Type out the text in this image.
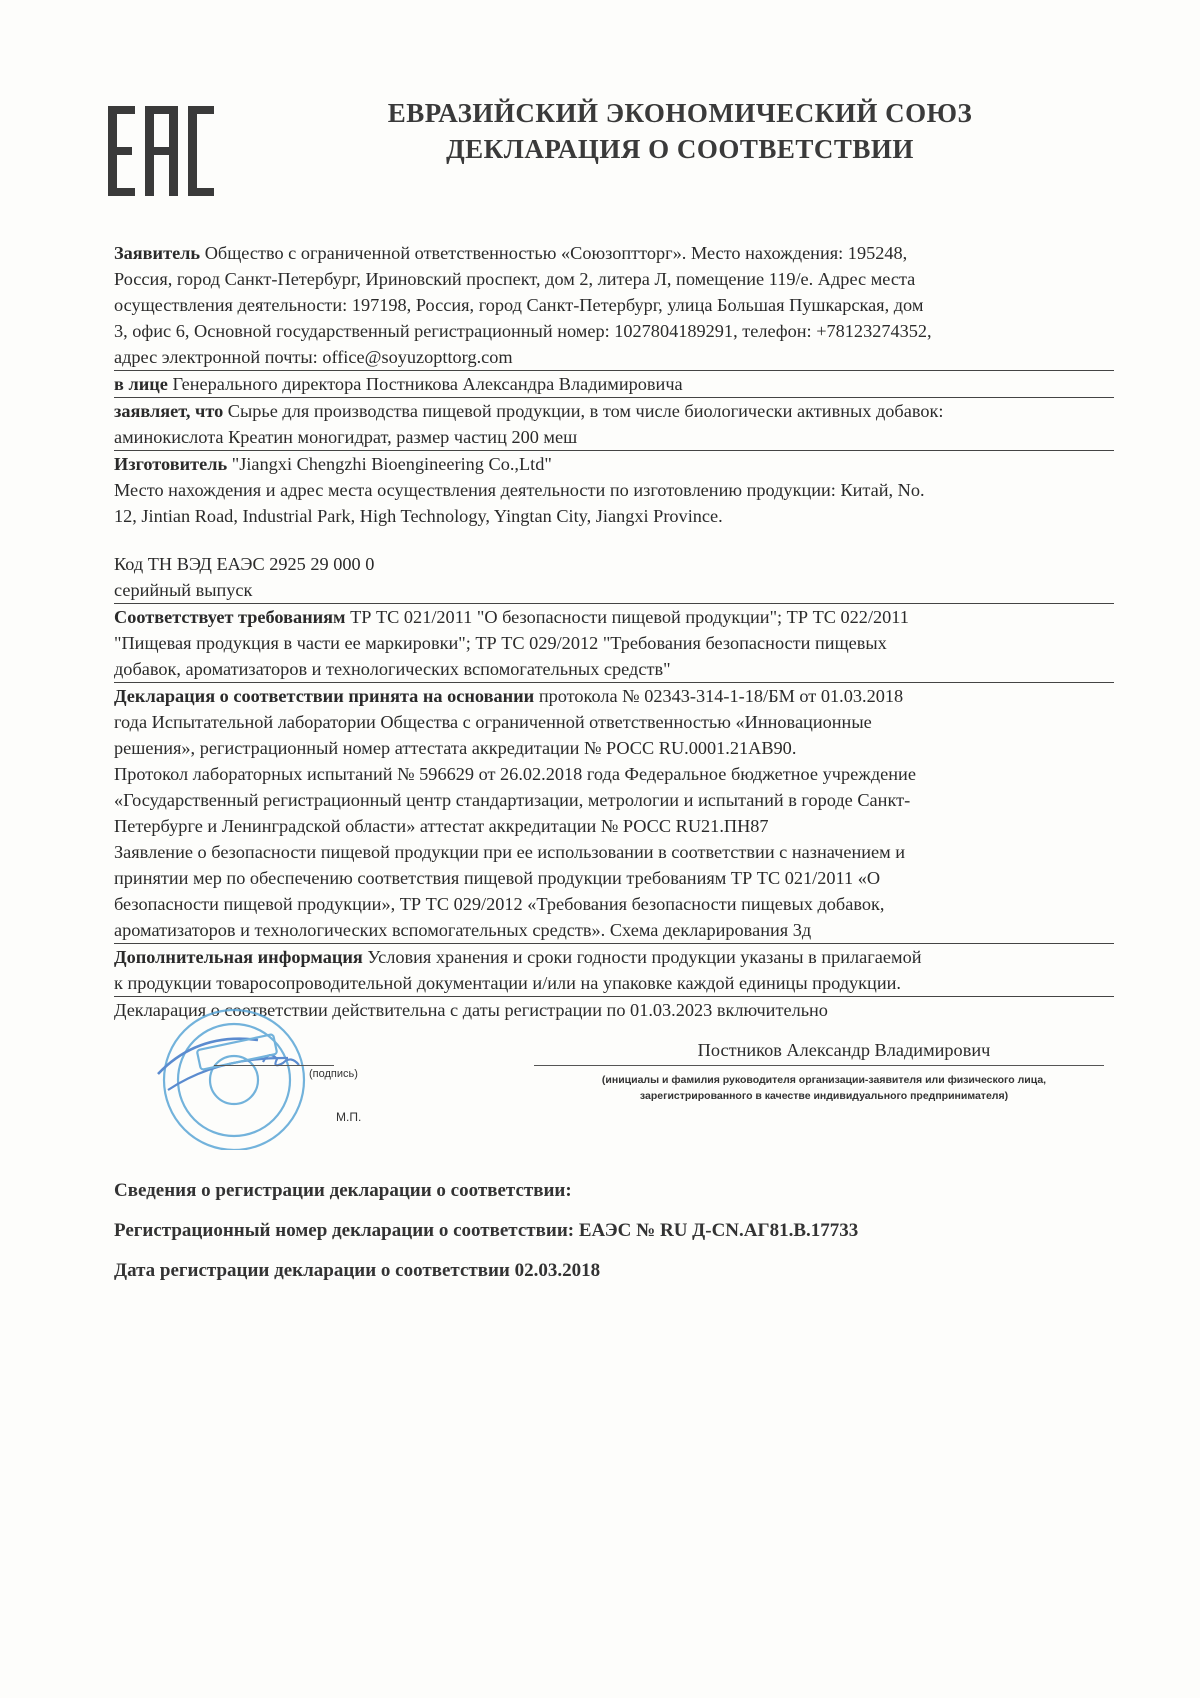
ЕВРАЗИЙСКИЙ ЭКОНОМИЧЕСКИЙ СОЮЗ
ДЕКЛАРАЦИЯ О СООТВЕТСТВИИ
Заявитель Общество с ограниченной ответственностью «Союзоптторг». Место нахождения: 195248,
Россия, город Санкт-Петербург, Ириновский проспект, дом 2, литера Л, помещение 119/е. Адрес места
осуществления деятельности: 197198, Россия, город Санкт-Петербург, улица Большая Пушкарская, дом
3, офис 6, Основной государственный регистрационный номер: 1027804189291, телефон: +78123274352,
адрес электронной почты: office@soyuzopttorg.com
в лице Генерального директора Постникова Александра Владимировича
заявляет, что Сырье для производства пищевой продукции, в том числе биологически активных добавок:
аминокислота Креатин моногидрат, размер частиц 200 меш
Изготовитель "Jiangxi Chengzhi Bioengineering Co.,Ltd"
Место нахождения и адрес места осуществления деятельности по изготовлению продукции: Китай, No.
12, Jintian Road, Industrial Park, High Technology, Yingtan City, Jiangxi Province.
Код ТН ВЭД ЕАЭС 2925 29 000 0
серийный выпуск
Соответствует требованиям ТР ТС 021/2011 "О безопасности пищевой продукции"; ТР ТС 022/2011
"Пищевая продукция в части ее маркировки"; ТР ТС 029/2012 "Требования безопасности пищевых
добавок, ароматизаторов и технологических вспомогательных средств"
Декларация о соответствии принята на основании протокола № 02343-314-1-18/БМ от 01.03.2018
года Испытательной лаборатории Общества с ограниченной ответственностью «Инновационные
решения», регистрационный номер аттестата аккредитации № РОСС RU.0001.21АВ90.
Протокол лабораторных испытаний № 596629 от 26.02.2018 года Федеральное бюджетное учреждение
«Государственный регистрационный центр стандартизации, метрологии и испытаний в городе Санкт-
Петербурге и Ленинградской области» аттестат аккредитации № РОСС RU21.ПН87
Заявление о безопасности пищевой продукции при ее использовании в соответствии с назначением и
принятии мер по обеспечению соответствия пищевой продукции требованиям ТР ТС 021/2011 «О
безопасности пищевой продукции», ТР ТС 029/2012 «Требования безопасности пищевых добавок,
ароматизаторов и технологических вспомогательных средств». Схема декларирования 3д
Дополнительная информация Условия хранения и сроки годности продукции указаны в прилагаемой
к продукции товаросопроводительной документации и/или на упаковке каждой единицы продукции.
Декларация о соответствии действительна с даты регистрации по 01.03.2023 включительно
Постников Александр Владимирович
(подпись)
М.П.
(инициалы и фамилия руководителя организации-заявителя или физического лица,
зарегистрированного в качестве индивидуального предпринимателя)
Сведения о регистрации декларации о соответствии:
Регистрационный номер декларации о соответствии: ЕАЭС № RU Д-CN.АГ81.В.17733
Дата регистрации декларации о соответствии 02.03.2018
